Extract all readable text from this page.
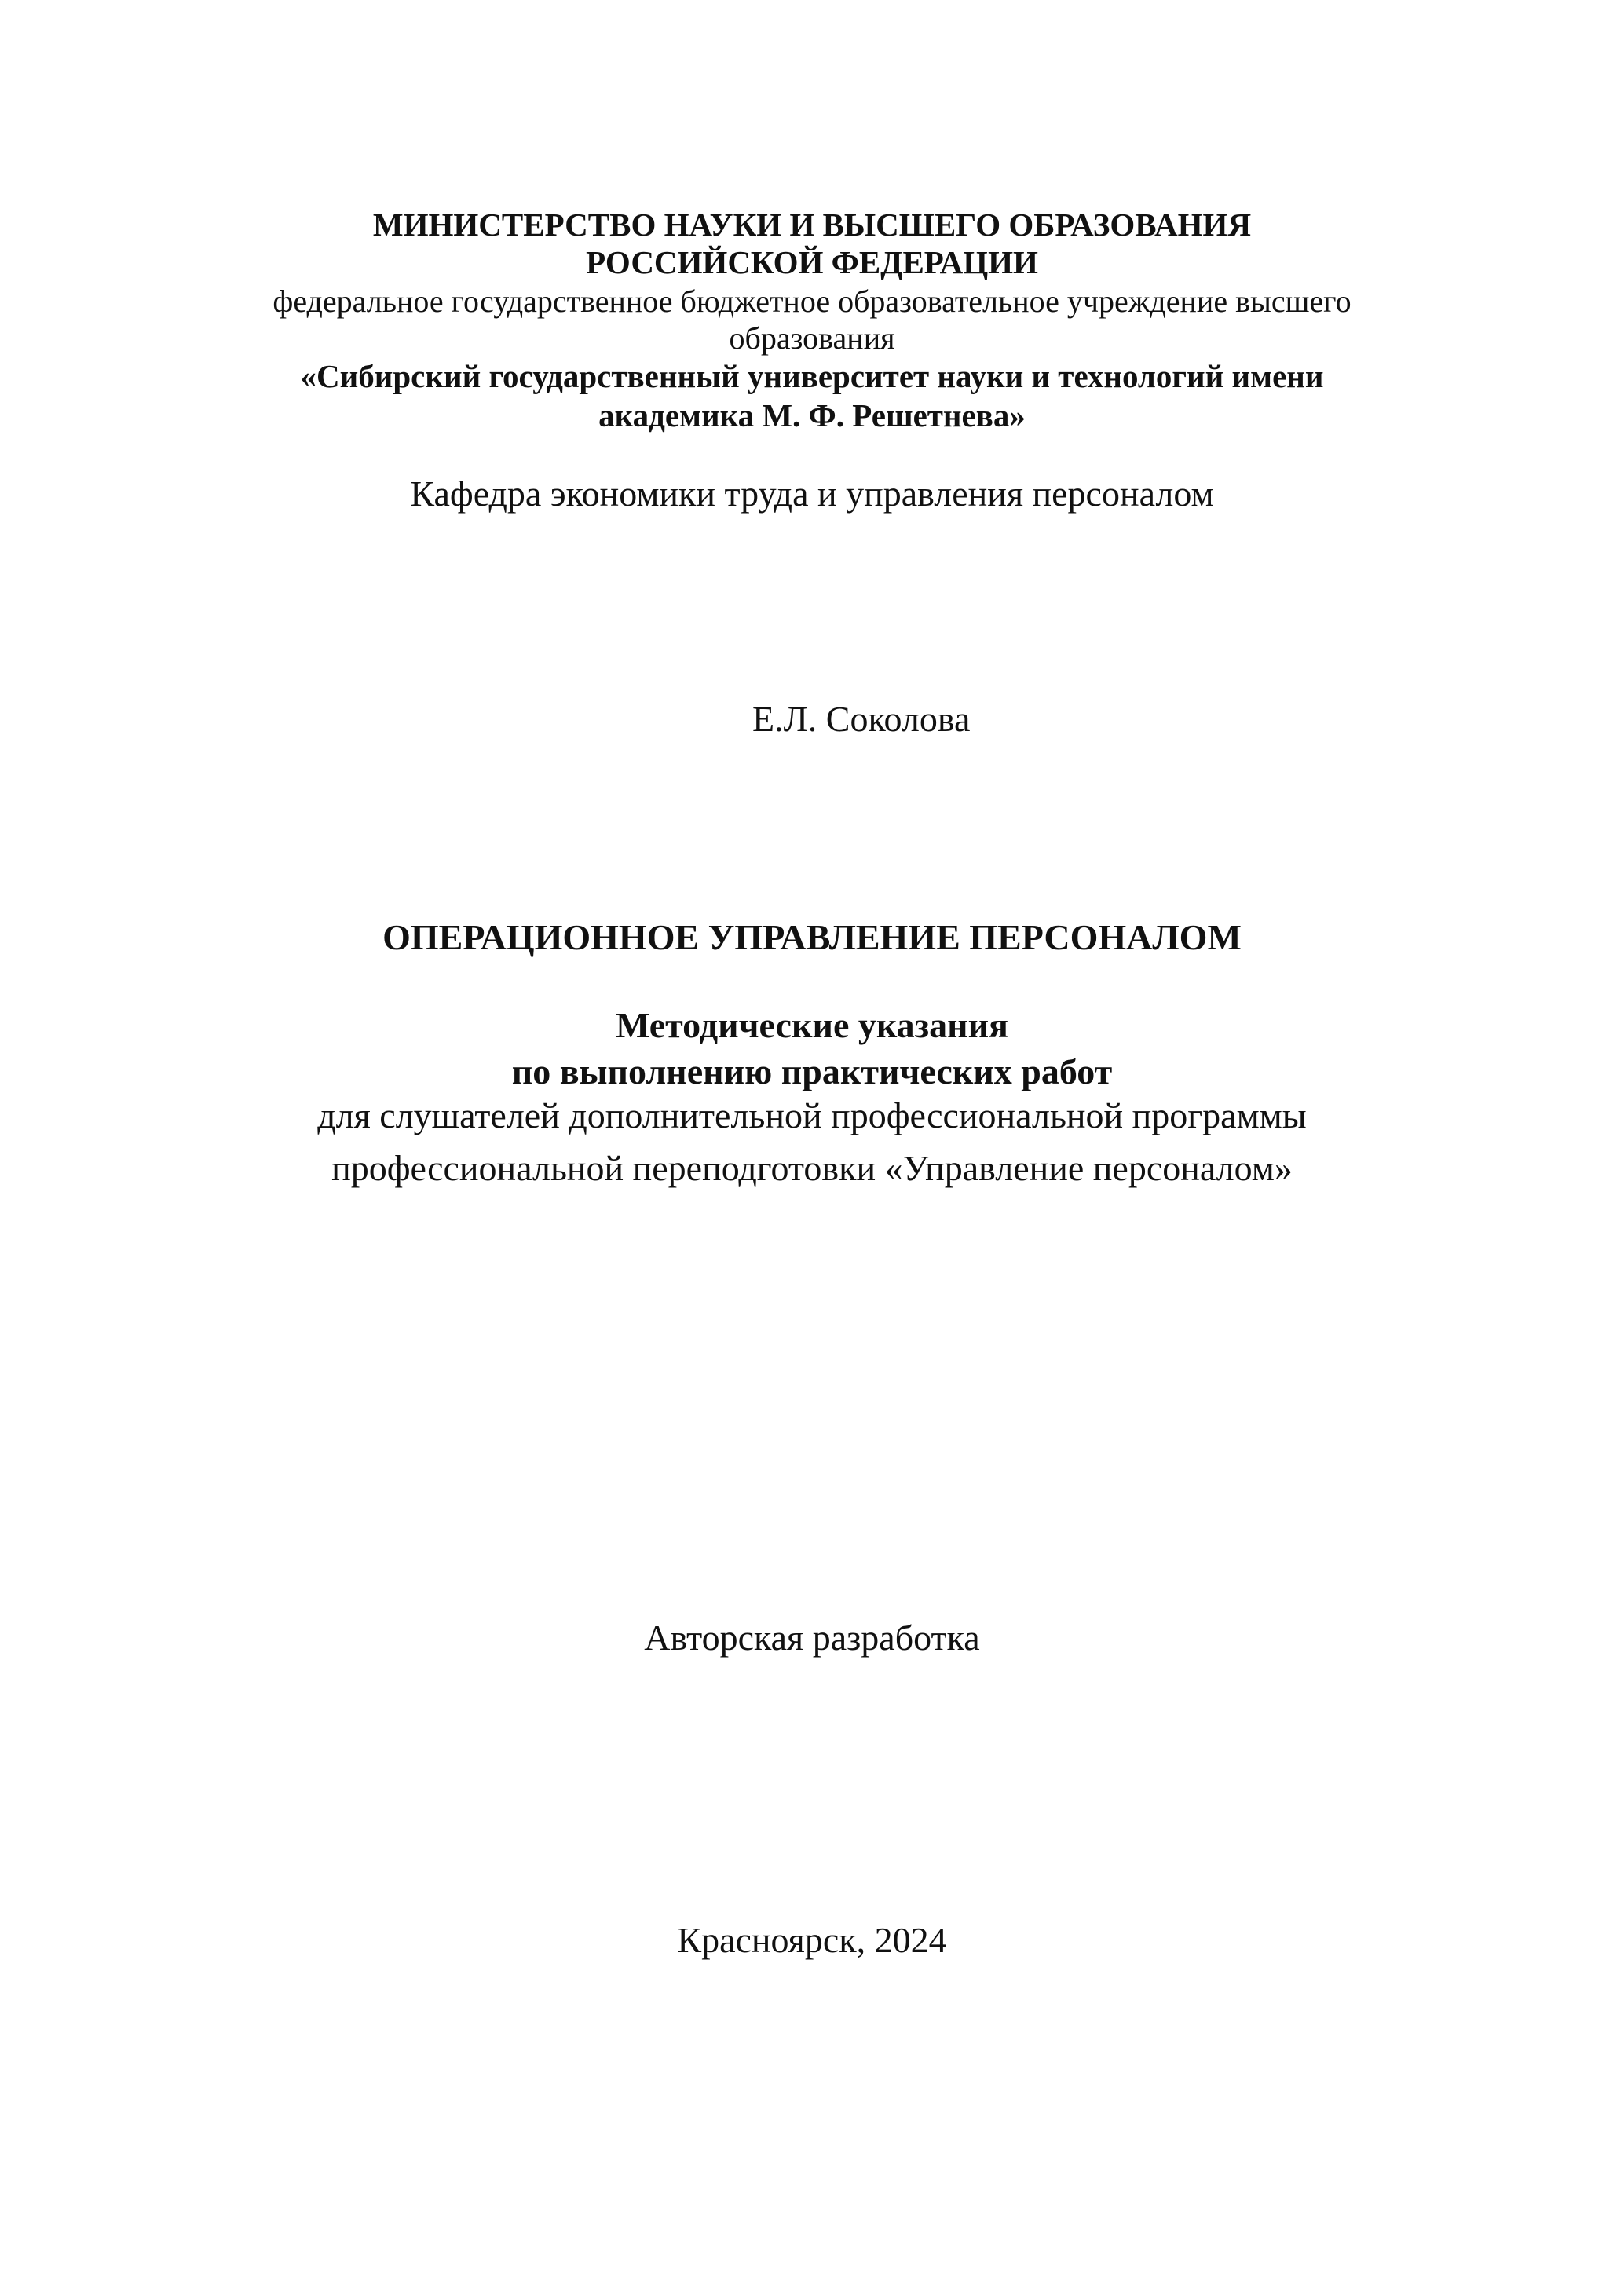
МИНИСТЕРСТВО НАУКИ И ВЫСШЕГО ОБРАЗОВАНИЯ
РОССИЙСКОЙ ФЕДЕРАЦИИ
федеральное государственное бюджетное образовательное учреждение высшего
образования
«Сибирский государственный университет науки и технологий имени
академика М. Ф. Решетнева»
Кафедра экономики труда и управления персоналом
Е.Л. Соколова
ОПЕРАЦИОННОЕ УПРАВЛЕНИЕ ПЕРСОНАЛОМ
Методические указания
по выполнению практических работ
для слушателей дополнительной профессиональной программы
профессиональной переподготовки «Управление персоналом»
Авторская разработка
Красноярск, 2024
